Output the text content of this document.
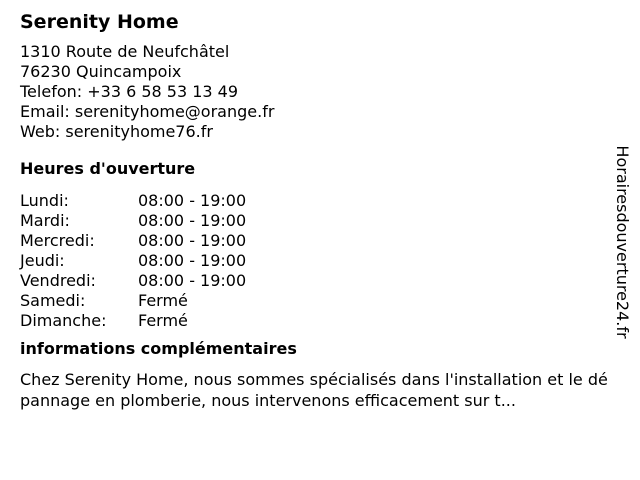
Serenity Home
1310 Route de Neufchâtel
76230 Quincampoix
Telefon: +33 6 58 53 13 49
Email: serenityhome@orange.fr
Web: serenityhome76.fr
Heures d'ouverture
Lundi:	08:00 - 19:00
Mardi:	08:00 - 19:00
Mercredi:	08:00 - 19:00
Jeudi:	08:00 - 19:00
Vendredi:	08:00 - 19:00
Samedi:	Fermé
Dimanche:	Fermé
informations complémentaires
Chez Serenity Home, nous sommes spécialisés dans l'installation et le dépannage en plomberie, nous intervenons efficacement sur t...
Horairesdouverture24.fr
